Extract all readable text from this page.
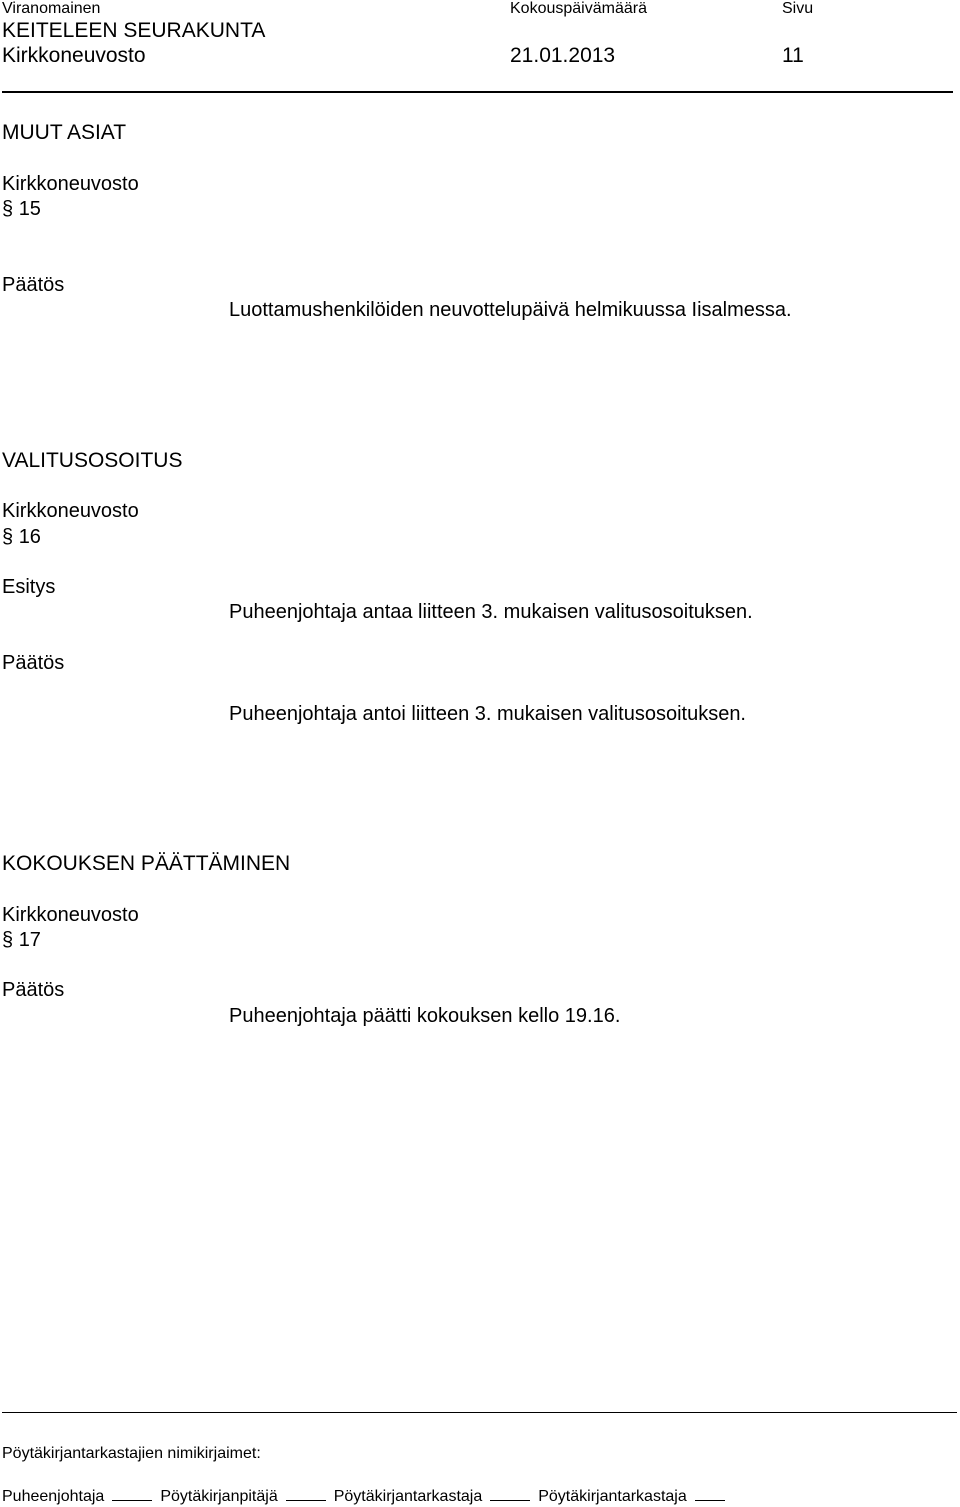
Viranomainen	Kokouspäivämäärä	Sivu
KEITELEEN SEURAKUNTA
Kirkkoneuvosto	21.01.2013	11
MUUT ASIAT
Kirkkoneuvosto
§ 15
Päätös
Luottamushenkilöiden neuvottelupäivä helmikuussa Iisalmessa.
VALITUSOSOITUS
Kirkkoneuvosto
§ 16
Esitys
Puheenjohtaja antaa liitteen 3. mukaisen valitusosoituksen.
Päätös
Puheenjohtaja antoi liitteen 3. mukaisen valitusosoituksen.
KOKOUKSEN PÄÄTTÄMINEN
Kirkkoneuvosto
§ 17
Päätös
Puheenjohtaja päätti kokouksen kello 19.16.
Pöytäkirjantarkastajien nimikirjaimet:
Puheenjohtaja	Pöytäkirjanpitäjä	Pöytäkirjantarkastaja	Pöytäkirjantarkastaja
